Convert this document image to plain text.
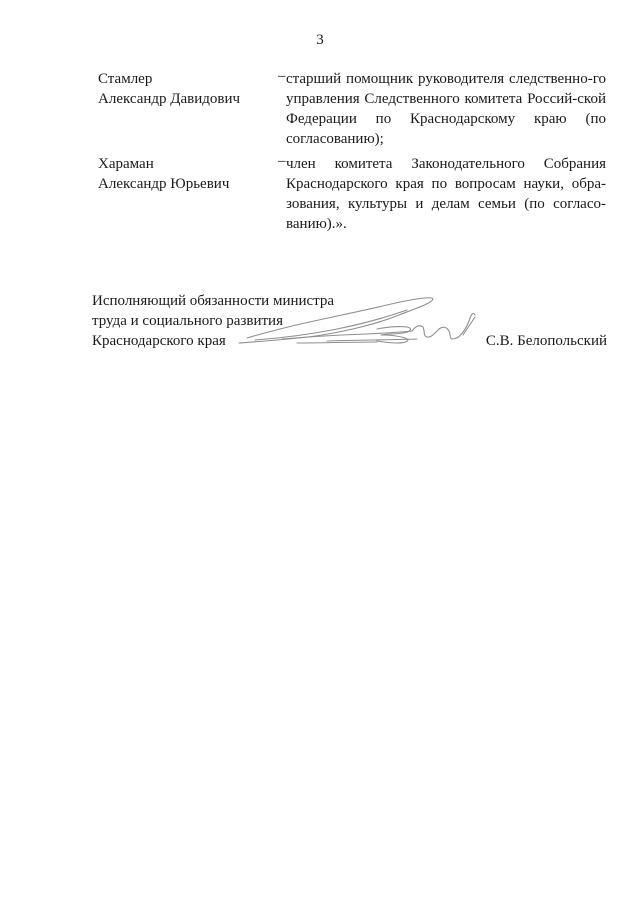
3
Стамлер
Александр Давидович
– старший помощник руководителя следственно-го управления Следственного комитета Россий-ской Федерации по Краснодарскому краю (по согласованию);
Хараман
Александр Юрьевич
– член комитета Законодательного Собрания Краснодарского края по вопросам науки, обра-зования, культуры и делам семьи (по согласо-ванию).».
Исполняющий обязанности министра
труда и социального развития
Краснодарского края	С.В. Белопольский
